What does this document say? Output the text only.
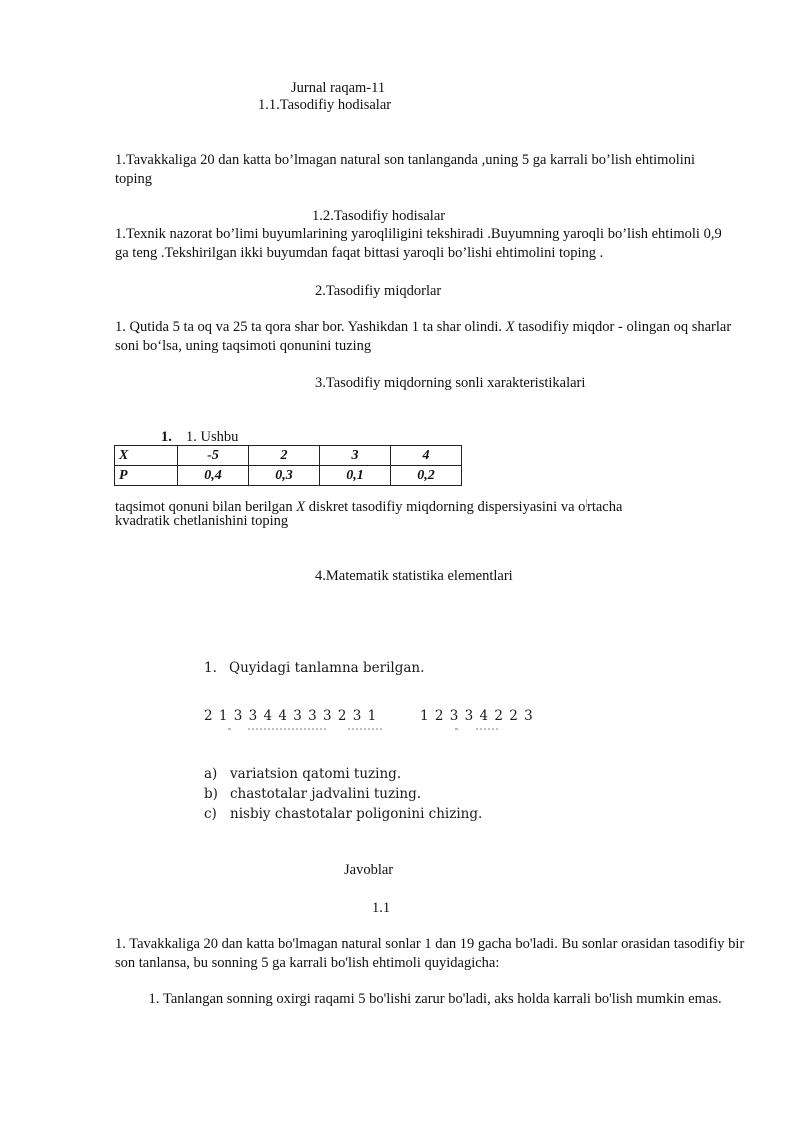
Jurnal raqam-11
1.1.Tasodifiy hodisalar
1.Tavakkaliga 20 dan katta bo’lmagan natural son tanlanganda ,uning 5 ga karrali bo’lish ehtimolini toping
1.2.Tasodifiy hodisalar
1.Texnik nazorat bo’limi buyumlarining yaroqliligini tekshiradi .Buyumning yaroqli bo’lish ehtimoli 0,9 ga teng .Tekshirilgan ikki buyumdan faqat bittasi yaroqli bo’lishi ehtimolini toping .
2.Tasodifiy miqdorlar
1. Qutida 5 ta oq va 25 ta qora shar bor. Yashikdan 1 ta shar olindi. X tasodifiy miqdor - olingan oq sharlar soni bo‘lsa, uning taqsimoti qonunini tuzing
3.Tasodifiy miqdorning sonli xarakteristikalari
1. 1. Ushbu
X	-5	2	3	4
P	0,4	0,3	0,1	0,2
taqsimot qonuni bilan berilgan X diskret tasodifiy miqdorning dispersiyasini va o|rtacha
kvadratik chetlanishini toping
4.Matematik statistika elementlari
1. Quyidagi tanlamna berilgan.
2 1 3 3 4 4 3 3 3 2 3 1	1 2 3 3 4 2 2 3
a) variatsion qatomi tuzing.
b) chastotalar jadvalini tuzing.
c) nisbiy chastotalar poligonini chizing.
Javoblar
1.1
1. Tavakkaliga 20 dan katta bo'lmagan natural sonlar 1 dan 19 gacha bo'ladi. Bu sonlar orasidan tasodifiy bir son tanlansa, bu sonning 5 ga karrali bo'lish ehtimoli quyidagicha:
1. Tanlangan sonning oxirgi raqami 5 bo'lishi zarur bo'ladi, aks holda karrali bo'lish mumkin emas.
